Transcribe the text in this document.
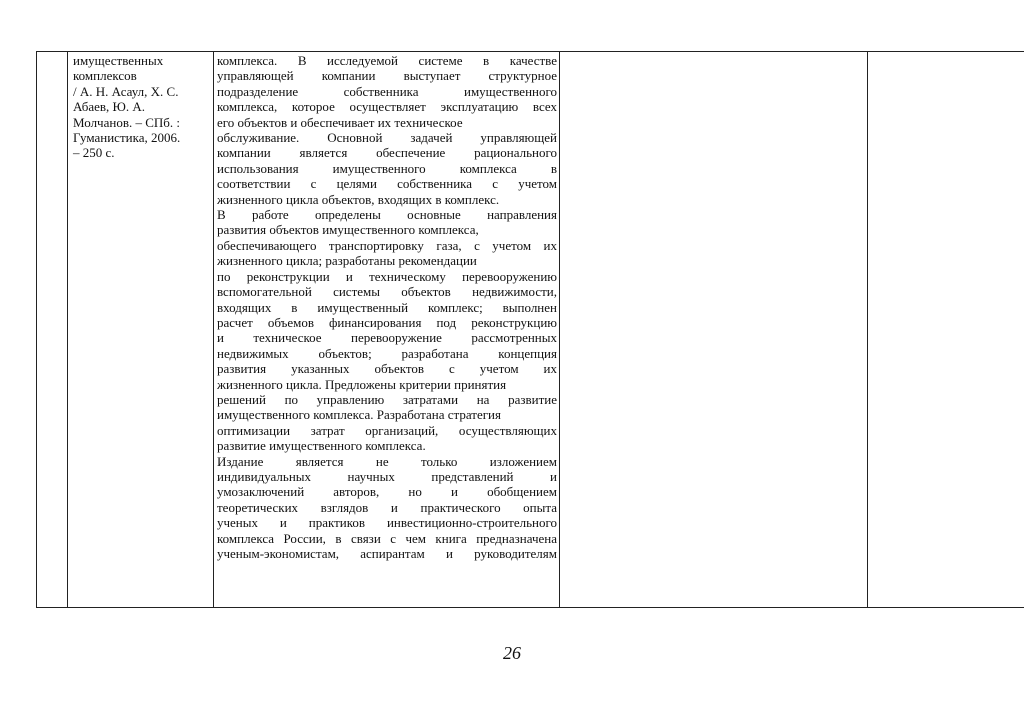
имущественных
комплексов
/ А. Н. Асаул, Х. С.
Абаев, Ю. А.
Молчанов. – СПб. :
Гуманистика, 2006.
– 250 с.
комплекса. В исследуемой системе в качестве
управляющей компании выступает структурное
подразделение собственника имущественного
комплекса, которое осуществляет эксплуатацию всех
его объектов и обеспечивает их техническое
обслуживание. Основной задачей управляющей
компании является обеспечение рационального
использования имущественного комплекса в
соответствии с целями собственника с учетом
жизненного цикла объектов, входящих в комплекс.
В работе определены основные направления
развития объектов имущественного комплекса,
обеспечивающего транспортировку газа, с учетом их
жизненного цикла; разработаны рекомендации
по реконструкции и техническому перевооружению
вспомогательной системы объектов недвижимости,
входящих в имущественный комплекс; выполнен
расчет объемов финансирования под реконструкцию
и техническое перевооружение рассмотренных
недвижимых объектов; разработана концепция
развития указанных объектов с учетом их
жизненного цикла. Предложены критерии принятия
решений по управлению затратами на развитие
имущественного комплекса. Разработана стратегия
оптимизации затрат организаций, осуществляющих
развитие имущественного комплекса.
Издание является не только изложением
индивидуальных научных представлений и
умозаключений авторов, но и обобщением
теоретических взглядов и практического опыта
ученых и практиков инвестиционно-строительного
комплекса России, в связи с чем книга предназначена
ученым-экономистам, аспирантам и руководителям
26
